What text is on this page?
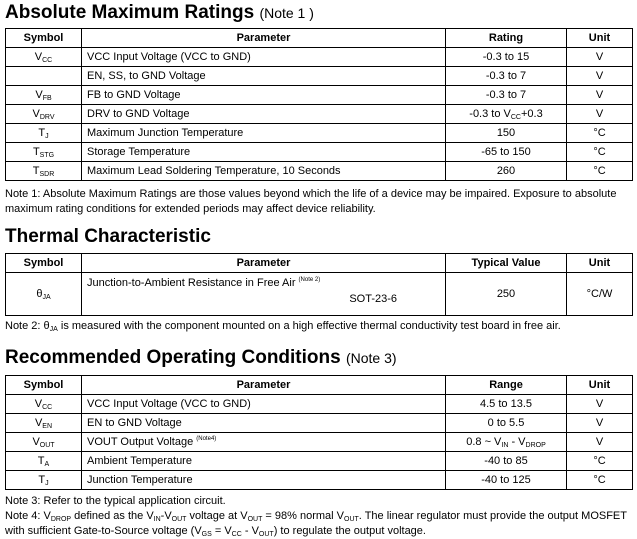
Absolute Maximum Ratings (Note 1 )
Symbol	Parameter	Rating	Unit
$V_{CC}$	VCC Input Voltage (VCC to GND)	-0.3 to 15	V
	EN, SS, to GND Voltage	-0.3 to 7	V
$V_{FB}$	FB to GND Voltage	-0.3 to 7	V
$V_{DRV}$	DRV to GND Voltage	-0.3 to $V_{CC}+0.3$	V
$T_J$	Maximum Junction Temperature	150	°C
$T_{STG}$	Storage Temperature	-65 to 150	°C
$T_{SDR}$	Maximum Lead Soldering Temperature, 10 Seconds	260	°C

Note 1: Absolute Maximum Ratings are those values beyond which the life of a device may be impaired. Exposure to absolute maximum rating conditions for extended periods may affect device reliability.

Thermal Characteristic
Symbol	Parameter	Typical Value	Unit
$\theta_{JA}$	Junction-to-Ambient Resistance in Free Air $^{(Note 2)}$
SOT-23-6	250	°C/W

Note 2: $\theta_{JA}$ is measured with the component mounted on a high effective thermal conductivity test board in free air.

Recommended Operating Conditions (Note 3)
Symbol	Parameter	Range	Unit
$V_{CC}$	VCC Input Voltage (VCC to GND)	4.5 to 13.5	V
$V_{EN}$	EN to GND Voltage	0 to 5.5	V
$V_{OUT}$	VOUT Output Voltage $^{(Note4)}$	0.8 ~ $V_{IN} - V_{DROP}$	V
$T_A$	Ambient Temperature	-40 to 85	°C
$T_J$	Junction Temperature	-40 to 125	°C

Note 3: Refer to the typical application circuit.

Note 4: $V_{DROP}$ defined as the $V_{IN}-V_{OUT}$ voltage at $V_{OUT} = 98\%$ normal $V_{OUT}$. The linear regulator must provide the output MOSFET with sufficient Gate-to-Source voltage $(V_{GS} = V_{CC} - V_{OUT})$ to regulate the output voltage.
